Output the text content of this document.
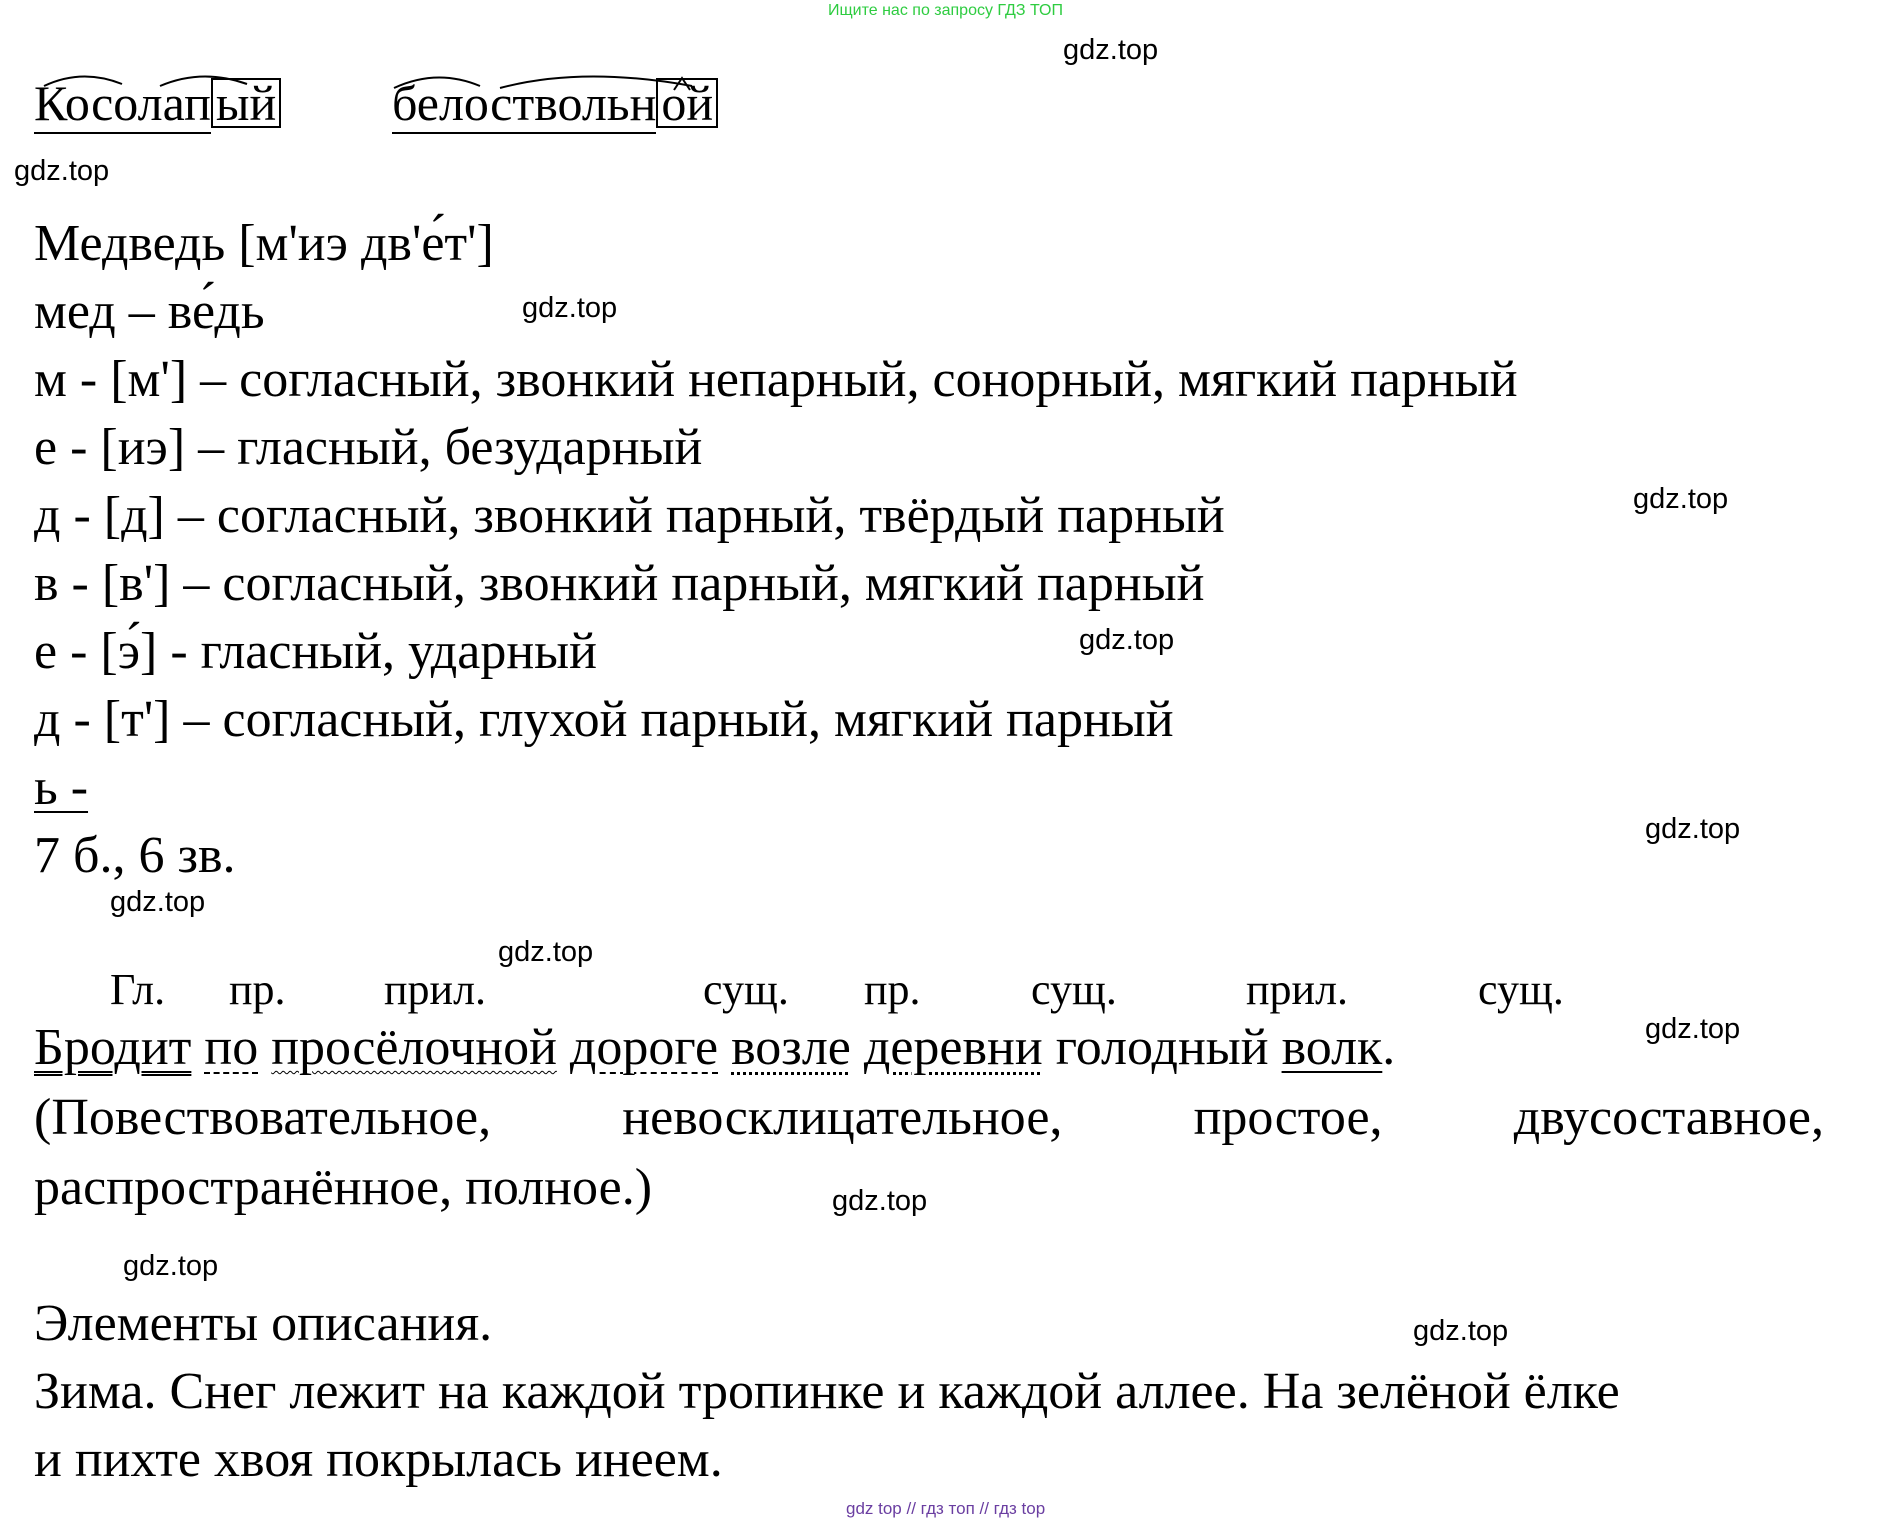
Ищите нас по запросу ГДЗ ТОП
gdz.top
gdz.top
gdz.top
gdz.top
gdz.top
gdz.top
gdz.top
gdz.top
gdz.top
gdz.top
gdz.top
gdz.top
Косолап ый белоствольн ой
Медведь [м'иэ дв'е́т']
мед – ве́дь
м - [м'] – согласный, звонкий непарный, сонорный, мягкий парный
е - [иэ] – гласный, безударный
д - [д] – согласный, звонкий парный, твёрдый парный
в - [в'] – согласный, звонкий парный, мягкий парный
е - [э́] - гласный, ударный
д - [т'] – согласный, глухой парный, мягкий парный
ь -
7 б., 6 зв.
Гл. пр. прил.	сущ. пр.	сущ.	прил.	сущ.
Бродит по просёлочной дороге возле деревни голодный волк.
(Повествовательное,	невосклицательное,	простое,	двусоставное,
распространённое, полное.)
Элементы описания.
Зима. Снег лежит на каждой тропинке и каждой аллее. На зелёной ёлке
и пихте хвоя покрылась инеем.
gdz top // гдз топ // гдз top
